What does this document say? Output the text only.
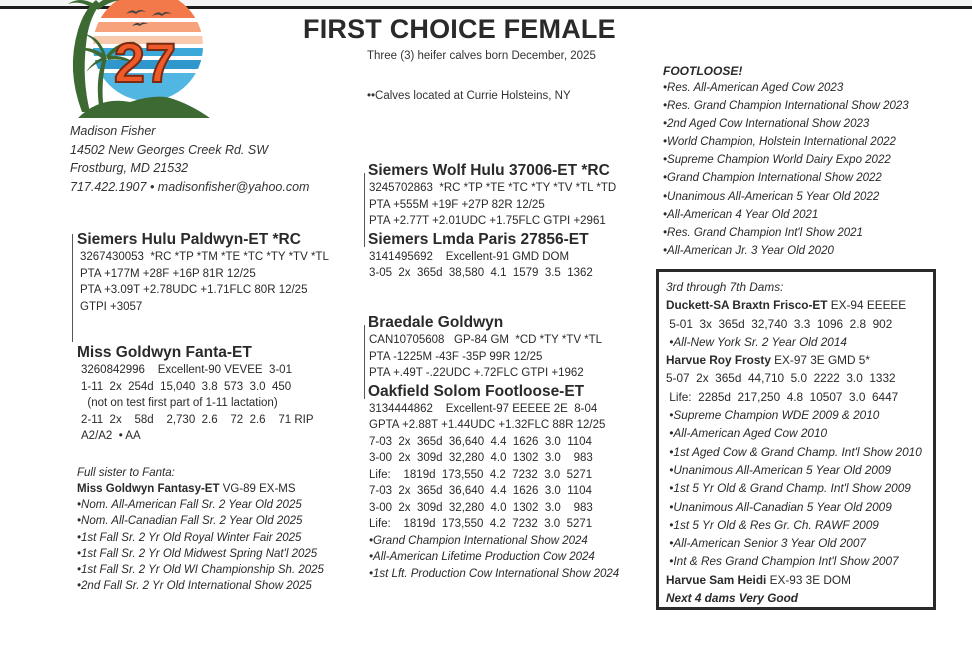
27
Madison Fisher
14502 New Georges Creek Rd. SW
Frostburg, MD 21532
717.422.1907 • madisonfisher@yahoo.com
FIRST CHOICE FEMALE
Three (3) heifer calves born December, 2025
••Calves located at Currie Holsteins, NY
Siemers Hulu Paldwyn-ET *RC
3267430053  *RC *TP *TM *TE *TC *TY *TV *TL
PTA +177M +28F +16P 81R 12/25
PTA +3.09T +2.78UDC +1.71FLC 80R 12/25
GTPI +3057
Miss Goldwyn Fanta-ET
3260842996    Excellent-90 VEVEE  3-01
1-11  2x  254d  15,040  3.8  573  3.0  450
(not on test first part of 1-11 lactation)
2-11  2x    58d    2,730  2.6    72  2.6    71 RIP
A2/A2  • AA
Full sister to Fanta:
Miss Goldwyn Fantasy-ET VG-89 EX-MS
•Nom. All-American Fall Sr. 2 Year Old 2025
•Nom. All-Canadian Fall Sr. 2 Year Old 2025
•1st Fall Sr. 2 Yr Old Royal Winter Fair 2025
•1st Fall Sr. 2 Yr Old Midwest Spring Nat'l 2025
•1st Fall Sr. 2 Yr Old WI Championship Sh. 2025
•2nd Fall Sr. 2 Yr Old International Show 2025
Siemers Wolf Hulu 37006-ET *RC
3245702863  *RC *TP *TE *TC *TY *TV *TL *TD
PTA +555M +19F +27P 82R 12/25
PTA +2.77T +2.01UDC +1.75FLC GTPI +2961
Siemers Lmda Paris 27856-ET
3141495692    Excellent-91 GMD DOM
3-05  2x  365d  38,580  4.1  1579  3.5  1362
Braedale Goldwyn
CAN10705608   GP-84 GM  *CD *TY *TV *TL
PTA -1225M -43F -35P 99R 12/25
PTA +.49T -.22UDC +.72FLC GTPI +1962
Oakfield Solom Footloose-ET
3134444862    Excellent-97 EEEEE 2E  8-04
GPTA +2.88T +1.44UDC +1.32FLC 88R 12/25
7-03  2x  365d  36,640  4.4  1626  3.0  1104
3-00  2x  309d  32,280  4.0  1302  3.0    983
Life:    1819d  173,550  4.2  7232  3.0  5271
7-03  2x  365d  36,640  4.4  1626  3.0  1104
3-00  2x  309d  32,280  4.0  1302  3.0    983
Life:    1819d  173,550  4.2  7232  3.0  5271
•Grand Champion International Show 2024
•All-American Lifetime Production Cow 2024
•1st Lft. Production Cow International Show 2024
FOOTLOOSE!
•Res. All-American Aged Cow 2023
•Res. Grand Champion International Show 2023
•2nd Aged Cow International Show 2023
•World Champion, Holstein International 2022
•Supreme Champion World Dairy Expo 2022
•Grand Champion International Show 2022
•Unanimous All-American 5 Year Old 2022
•All-American 4 Year Old 2021
•Res. Grand Champion Int'l Show 2021
•All-American Jr. 3 Year Old 2020
3rd through 7th Dams:
Duckett-SA Braxtn Frisco-ET EX-94 EEEEE
5-01  3x  365d  32,740  3.3  1096  2.8  902
•All-New York Sr. 2 Year Old 2014
Harvue Roy Frosty EX-97 3E GMD 5*
5-07  2x  365d  44,710  5.0  2222  3.0  1332
Life:  2285d  217,250  4.8  10507  3.0  6447
•Supreme Champion WDE 2009 & 2010
•All-American Aged Cow 2010
•1st Aged Cow & Grand Champ. Int'l Show 2010
•Unanimous All-American 5 Year Old 2009
•1st 5 Yr Old & Grand Champ. Int'l Show 2009
•Unanimous All-Canadian 5 Year Old 2009
•1st 5 Yr Old & Res Gr. Ch. RAWF 2009
•All-American Senior 3 Year Old 2007
•Int & Res Grand Champion Int'l Show 2007
Harvue Sam Heidi EX-93 3E DOM
Next 4 dams Very Good
